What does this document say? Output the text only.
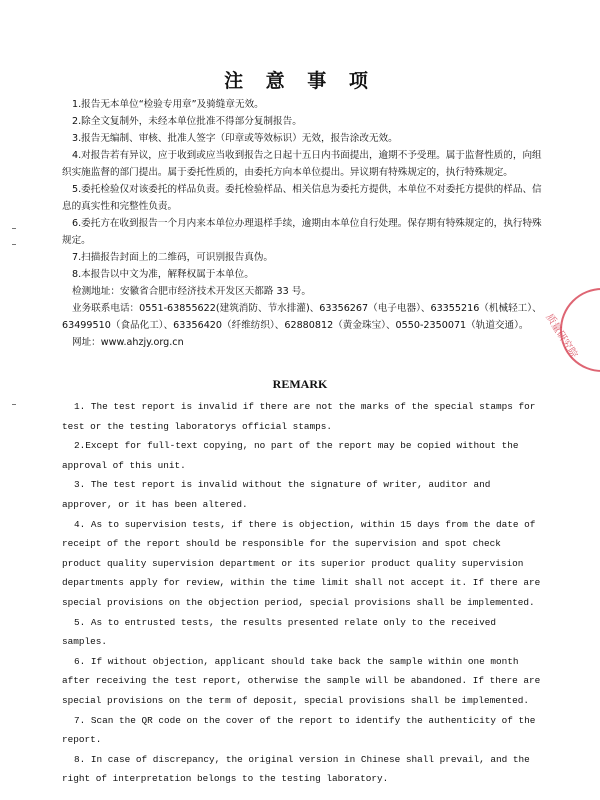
注 意 事 项

1.报告无本单位“检验专用章”及骑缝章无效。

2.除全文复制外，未经本单位批准不得部分复制报告。

3.报告无编制、审核、批准人签字（印章或等效标识）无效，报告涂改无效。

4.对报告若有异议，应于收到或应当收到报告之日起十五日内书面提出，逾期不予受理。属于监督性质的，向组织实施监督的部门提出。属于委托性质的，由委托方向本单位提出。异议期有特殊规定的，执行特殊规定。

5.委托检验仅对该委托的样品负责。委托检验样品、相关信息为委托方提供，本单位不对委托方提供的样品、信息的真实性和完整性负责。

6.委托方在收到报告一个月内来本单位办理退样手续，逾期由本单位自行处理。保存期有特殊规定的，执行特殊规定。

7.扫描报告封面上的二维码，可识别报告真伪。

8.本报告以中文为准，解释权属于本单位。

检测地址：安徽省合肥市经济技术开发区天都路 33 号。

业务联系电话：0551-63855622(建筑消防、节水排灌)、63356267（电子电器）、63355216（机械轻工）、63499510（食品化工）、63356420（纤维纺织）、62880812（黄金珠宝）、0550-2350071（轨道交通）。

网址：www.ahzjy.org.cn

REMARK

1. The test report is invalid if there are not the marks of the special stamps for test or the testing laboratorys official stamps.

2.Except for full-text copying, no part of the report may be copied without the approval of this unit.

3. The test report is invalid without the signature of writer, auditor and approver, or it has been altered.

4. As to supervision tests, if there is objection, within 15 days from the date of receipt of the report should be responsible for the supervision and spot check product quality supervision department or its superior product quality supervision departments apply for review, within the time limit shall not accept it. If there are special provisions on the objection period, special provisions shall be implemented.

5. As to entrusted tests, the results presented relate only to the received samples.

6. If without objection, applicant should take back the sample within one month after receiving the test report, otherwise the sample will be abandoned. If there are special provisions on the term of deposit, special provisions shall be implemented.

7. Scan the QR code on the cover of the report to identify the authenticity of the report.

8. In case of discrepancy, the original version in Chinese shall prevail, and the right of interpretation belongs to the testing laboratory.

质量研究院
